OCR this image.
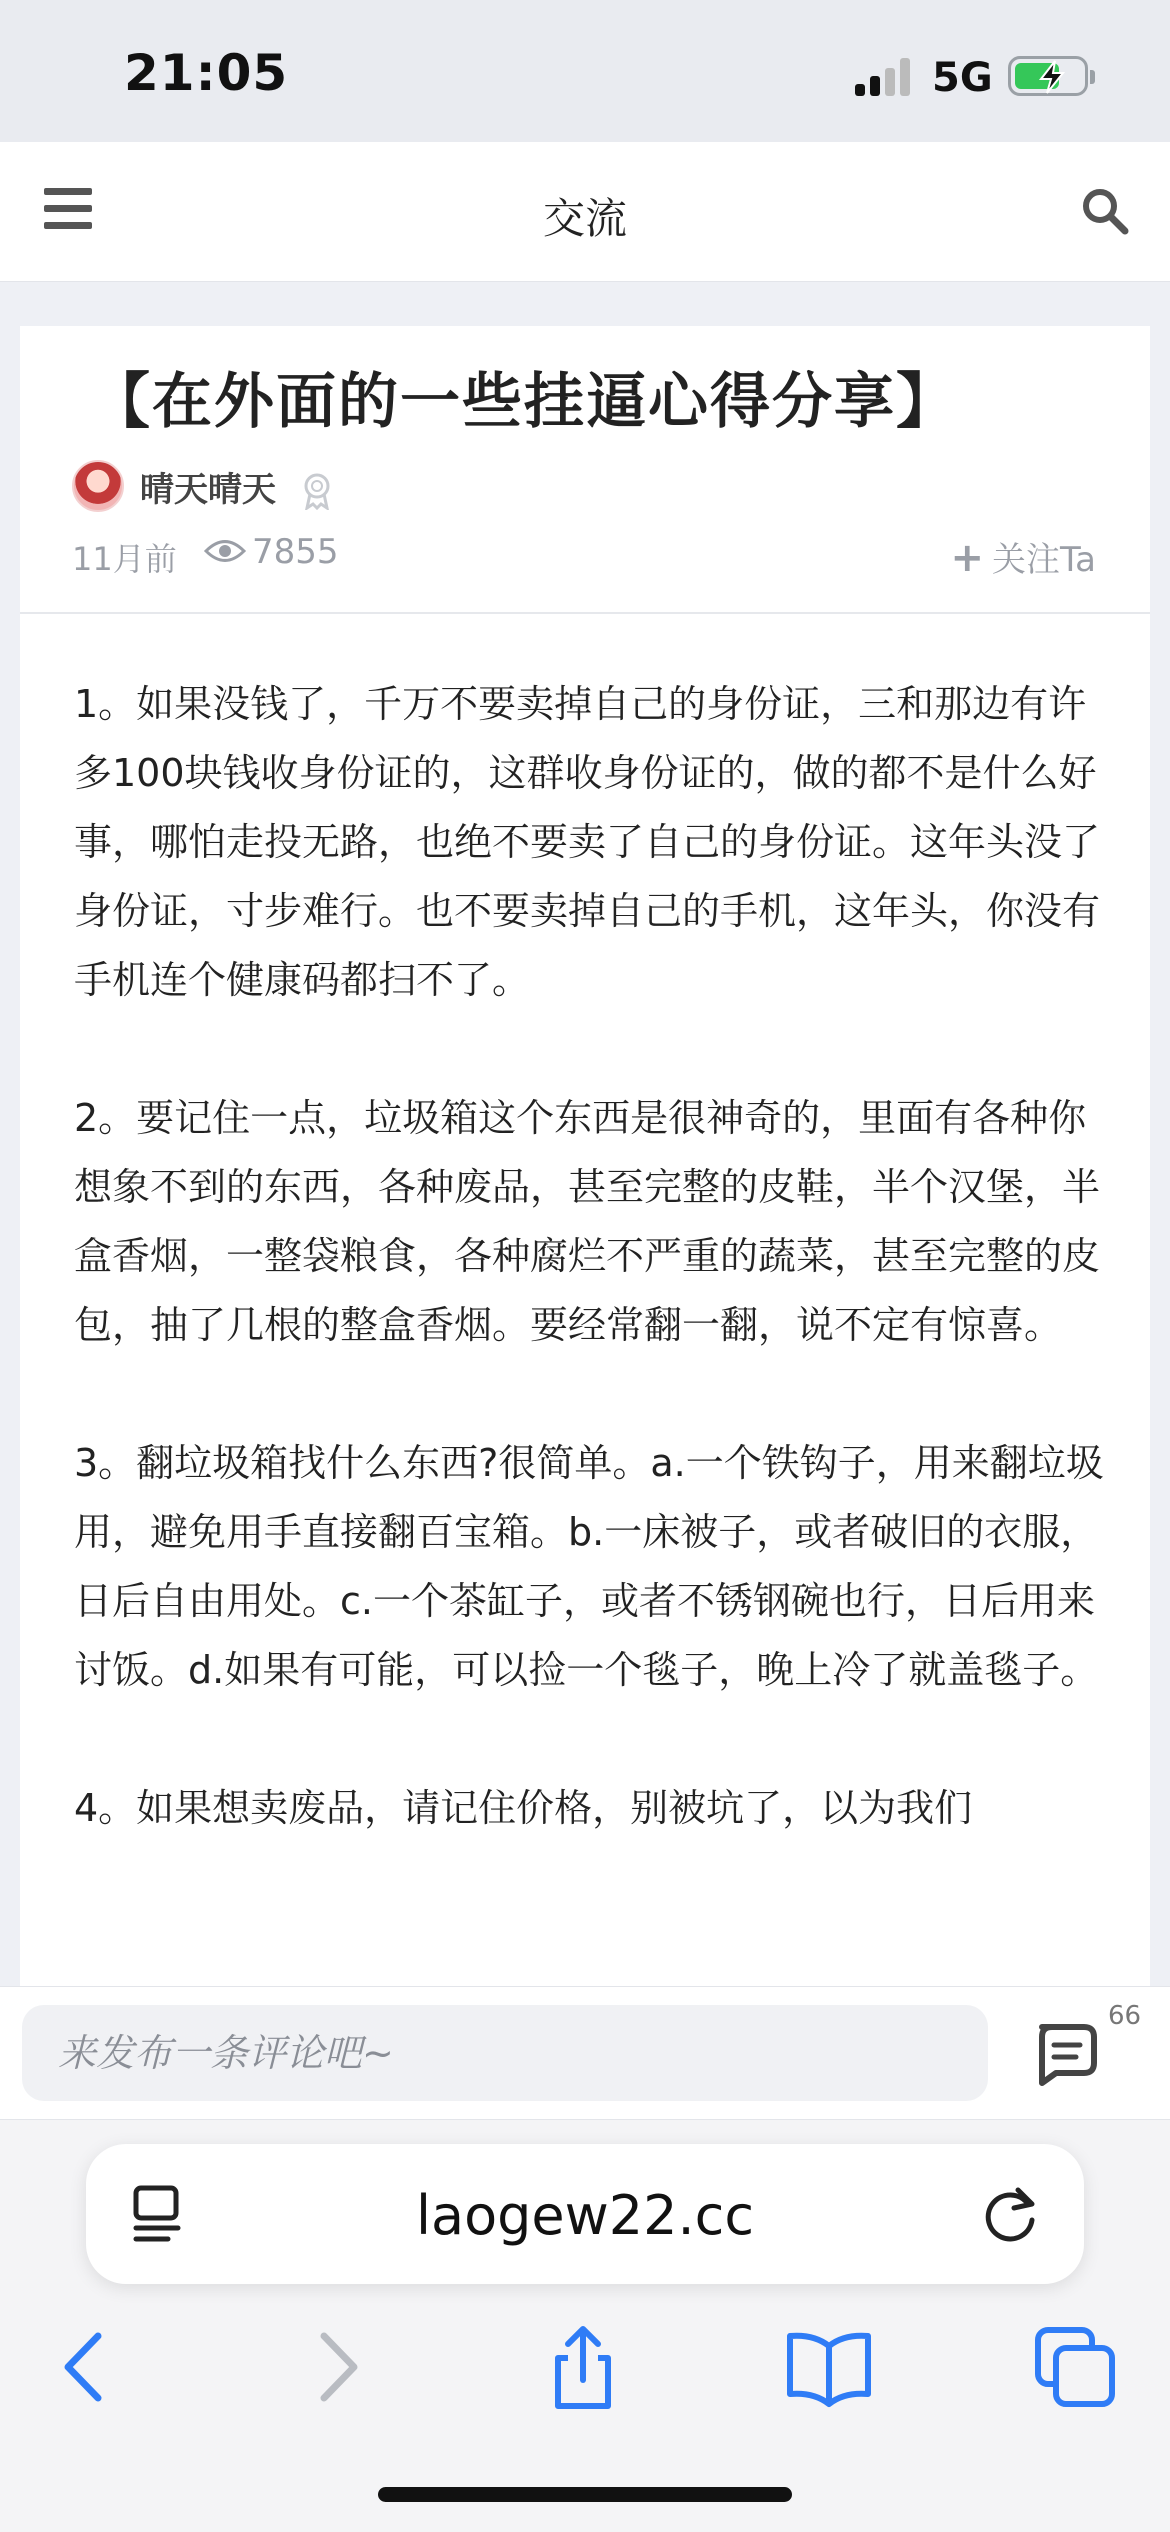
21:05	5G
交流
【在外面的一些挂逼心得分享】
晴天晴天
11月前 7855	+ 关注Ta

1。如果没钱了，千万不要卖掉自己的身份证，三和那边有许多100块钱收身份证的，这群收身份证的，做的都不是什么好事，哪怕走投无路，也绝不要卖了自己的身份证。这年头没了身份证，寸步难行。也不要卖掉自己的手机，这年头，你没有手机连个健康码都扫不了。

2。要记住一点，垃圾箱这个东西是很神奇的，里面有各种你想象不到的东西，各种废品，甚至完整的皮鞋，半个汉堡，半盒香烟，一整袋粮食，各种腐烂不严重的蔬菜，甚至完整的皮包，抽了几根的整盒香烟。要经常翻一翻，说不定有惊喜。

3。翻垃圾箱找什么东西?很简单。a.一个铁钩子，用来翻垃圾用，避免用手直接翻百宝箱。b.一床被子，或者破旧的衣服，日后自由用处。c.一个茶缸子，或者不锈钢碗也行，日后用来讨饭。d.如果有可能，可以捡一个毯子，晚上冷了就盖毯子。

4。如果想卖废品，请记住价格，别被坑了，以为我们

来发布一条评论吧~
66
laogew22.cc
